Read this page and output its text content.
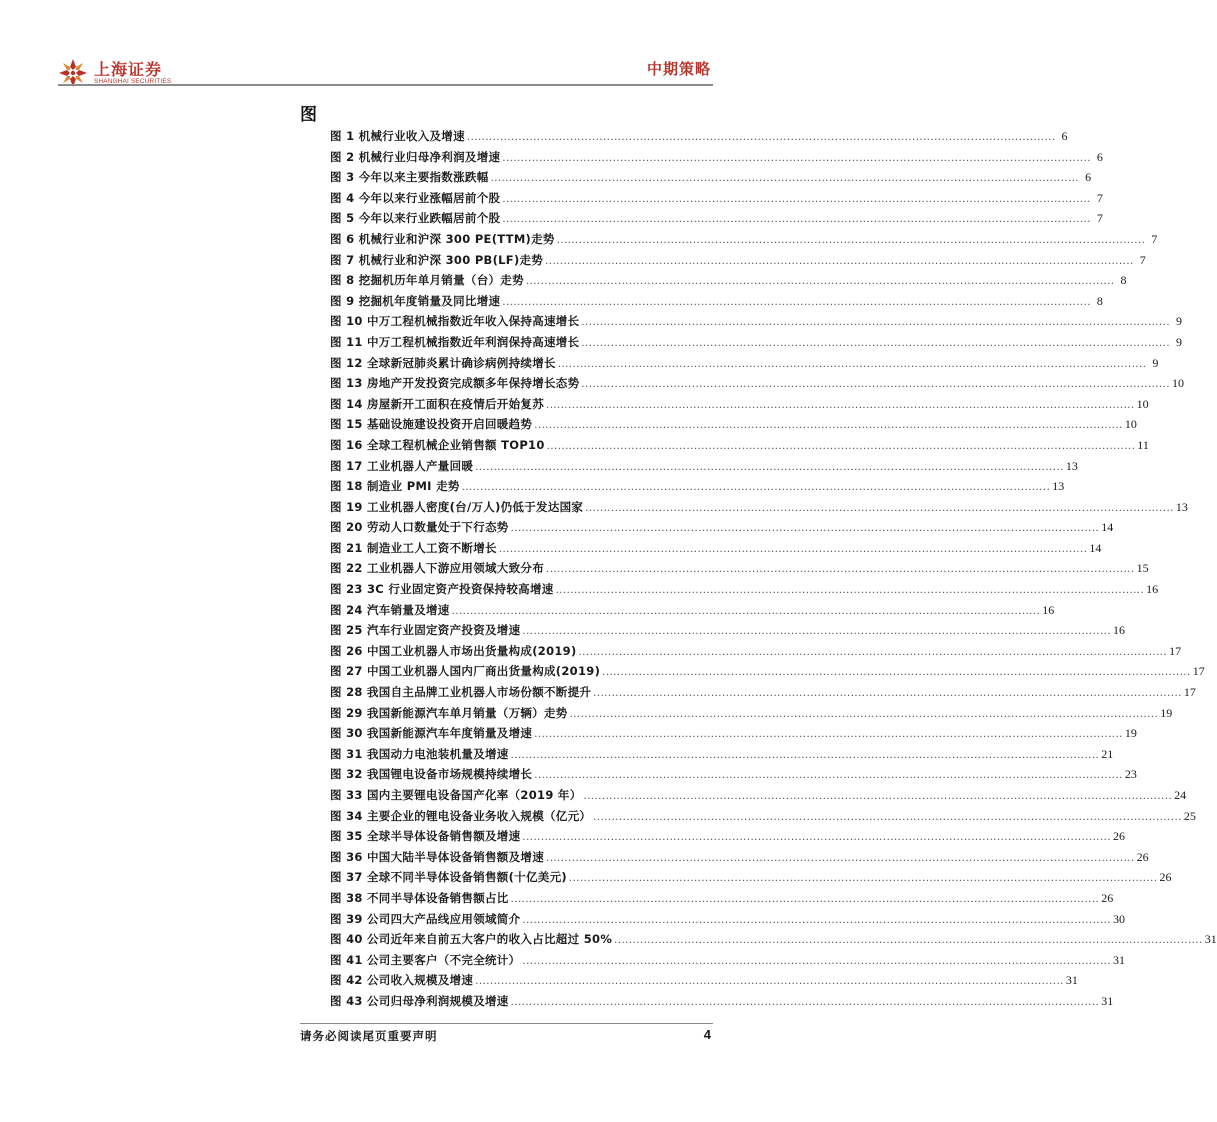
上海证券
SHANGHAI SECURITIES
中期策略
图
图 1 机械行业收入及增速 ................................................................................................................................................................ 6
图 2 机械行业归母净利润及增速 ................................................................................................................................................................ 6
图 3 今年以来主要指数涨跌幅 ................................................................................................................................................................ 6
图 4 今年以来行业涨幅居前个股 ................................................................................................................................................................ 7
图 5 今年以来行业跌幅居前个股 ................................................................................................................................................................ 7
图 6 机械行业和沪深 300 PE(TTM)走势 ................................................................................................................................................................ 7
图 7 机械行业和沪深 300 PB(LF)走势 ................................................................................................................................................................ 7
图 8 挖掘机历年单月销量（台）走势 ................................................................................................................................................................ 8
图 9 挖掘机年度销量及同比增速 ................................................................................................................................................................ 8
图 10 中万工程机械指数近年收入保持高速增长 ................................................................................................................................................................ 9
图 11 中万工程机械指数近年利润保持高速增长 ................................................................................................................................................................ 9
图 12 全球新冠肺炎累计确诊病例持续增长 ................................................................................................................................................................ 9
图 13 房地产开发投资完成额多年保持增长态势 ................................................................................................................................................................ 10
图 14 房屋新开工面积在疫情后开始复苏 ................................................................................................................................................................ 10
图 15 基础设施建设投资开启回暖趋势 ................................................................................................................................................................ 10
图 16 全球工程机械企业销售额 TOP10 ................................................................................................................................................................ 11
图 17 工业机器人产量回暖 ................................................................................................................................................................ 13
图 18 制造业 PMI 走势 ................................................................................................................................................................ 13
图 19 工业机器人密度(台/万人)仍低于发达国家 ................................................................................................................................................................ 13
图 20 劳动人口数量处于下行态势 ................................................................................................................................................................ 14
图 21 制造业工人工资不断增长 ................................................................................................................................................................ 14
图 22 工业机器人下游应用领域大致分布 ................................................................................................................................................................ 15
图 23 3C 行业固定资产投资保持较高增速 ................................................................................................................................................................ 16
图 24 汽车销量及增速 ................................................................................................................................................................ 16
图 25 汽车行业固定资产投资及增速 ................................................................................................................................................................ 16
图 26 中国工业机器人市场出货量构成(2019) ................................................................................................................................................................ 17
图 27 中国工业机器人国内厂商出货量构成(2019) ................................................................................................................................................................ 17
图 28 我国自主品牌工业机器人市场份额不断提升 ................................................................................................................................................................ 17
图 29 我国新能源汽车单月销量（万辆）走势 ................................................................................................................................................................ 19
图 30 我国新能源汽车年度销量及增速 ................................................................................................................................................................ 19
图 31 我国动力电池装机量及增速 ................................................................................................................................................................ 21
图 32 我国锂电设备市场规模持续增长 ................................................................................................................................................................ 23
图 33 国内主要锂电设备国产化率（2019 年） ................................................................................................................................................................ 24
图 34 主要企业的锂电设备业务收入规模（亿元） ................................................................................................................................................................ 25
图 35 全球半导体设备销售额及增速 ................................................................................................................................................................ 26
图 36 中国大陆半导体设备销售额及增速 ................................................................................................................................................................ 26
图 37 全球不同半导体设备销售额(十亿美元) ................................................................................................................................................................ 26
图 38 不同半导体设备销售额占比 ................................................................................................................................................................ 26
图 39 公司四大产品线应用领域简介 ................................................................................................................................................................ 30
图 40 公司近年来自前五大客户的收入占比超过 50% ................................................................................................................................................................ 31
图 41 公司主要客户（不完全统计） ................................................................................................................................................................ 31
图 42 公司收入规模及增速 ................................................................................................................................................................ 31
图 43 公司归母净利润规模及增速 ................................................................................................................................................................ 31
请务必阅读尾页重要声明	4
